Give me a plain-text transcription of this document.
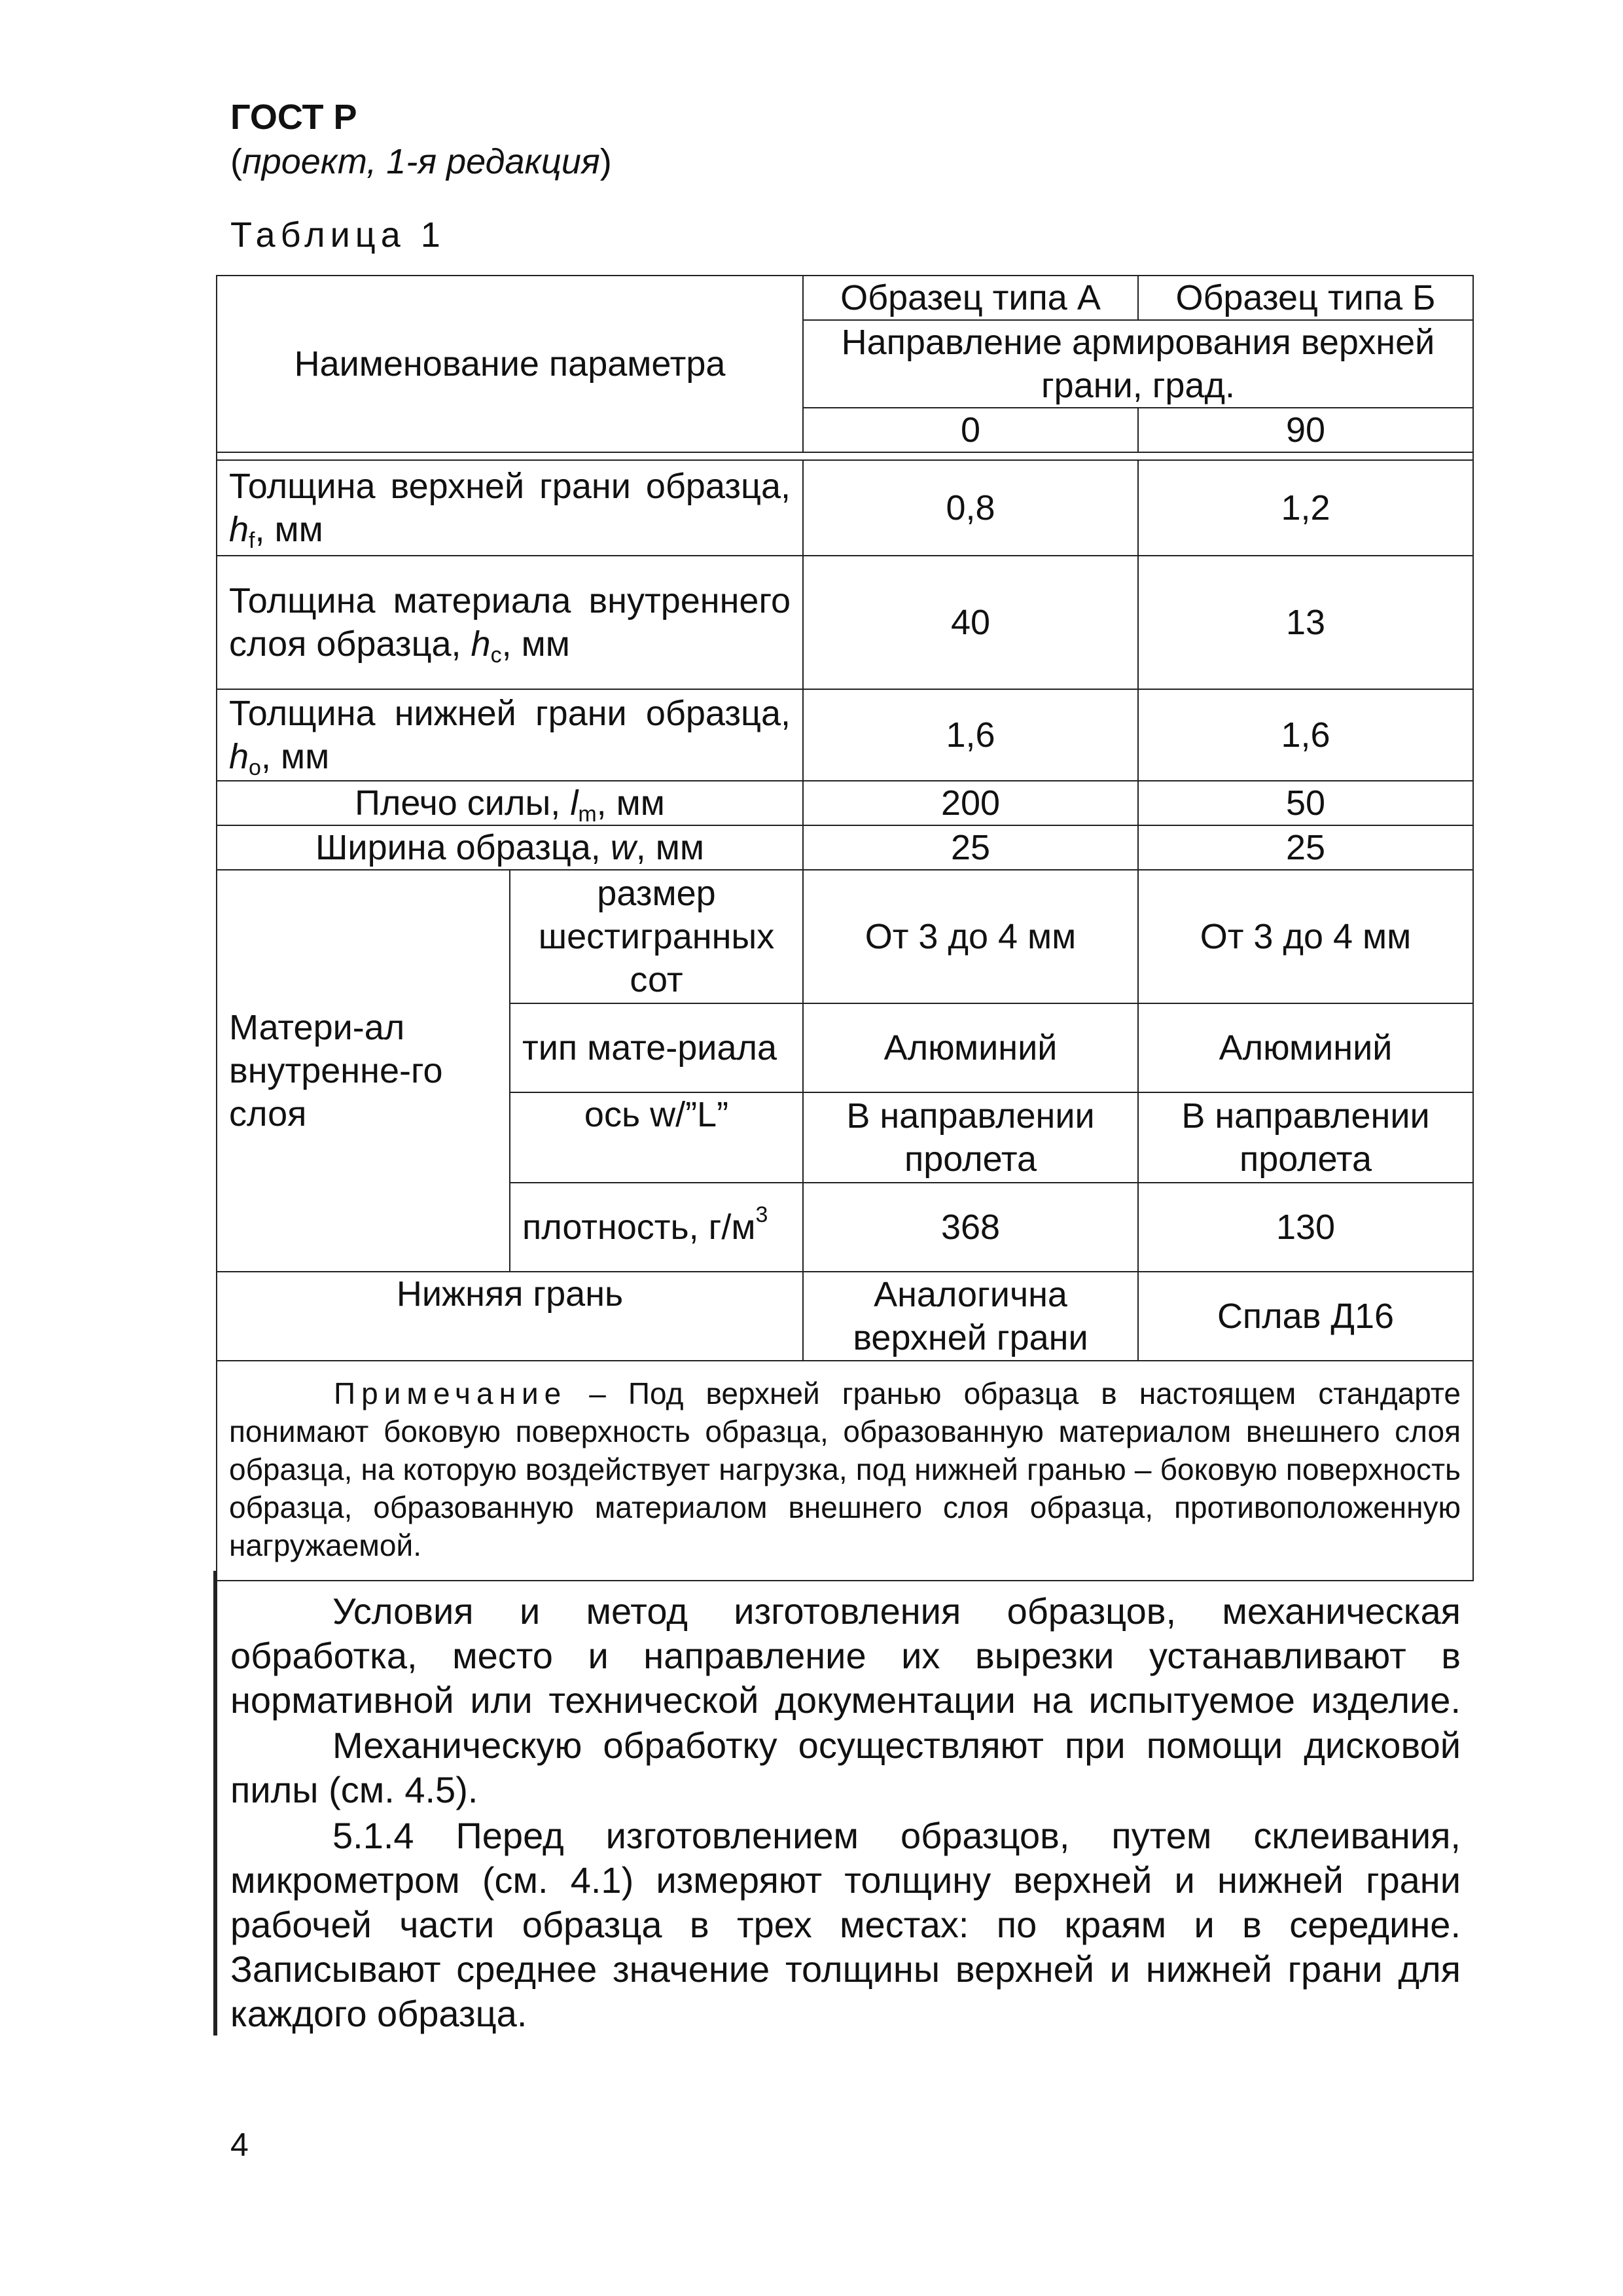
ГОСТ Р
(проект, 1-я редакция)
Таблица 1
Наименование параметра		Образец типа А	Образец типа Б
		Направление армирования верхней грани, град.	
		0	90

Толщина верхней грани образца, $h_f$, мм		0,8	1,2
Толщина материала внутреннего слоя образца, $h_c$, мм		40	13
Толщина нижней грани образца, $h_o$, мм		1,6	1,6
Плечо силы, $l_m$, мм		200	50
Ширина образца, w, мм		25	25
Матери-ал внутренне-го слоя	размер шестигранных сот	От 3 до 4 мм	От 3 до 4 мм
	тип мате-риала	Алюминий	Алюминий
	ось w/”L”	В направлении пролета	В направлении пролета
	плотность, $г/м^3$	368	130
Нижняя грань		Аналогична верхней грани	Сплав Д16
Примечание – Под верхней гранью образца в настоящем стандарте понимают боковую поверхность образца, образованную материалом внешнего слоя образца, на которую воздействует нагрузка, под нижней гранью – боковую поверхность образца, образованную материалом внешнего слоя образца, противоположенную нагружаемой.			

Условия и метод изготовления образцов, механическая обработка, место и направление их вырезки устанавливают в нормативной или технической документации на испытуемое изделие.

Механическую обработку осуществляют при помощи дисковой пилы (см. 4.5).

5.1.4 Перед изготовлением образцов, путем склеивания, микрометром (см. 4.1) измеряют толщину верхней и нижней грани рабочей части образца в трех местах: по краям и в середине. Записывают среднее значение толщины верхней и нижней грани для каждого образца.

4
